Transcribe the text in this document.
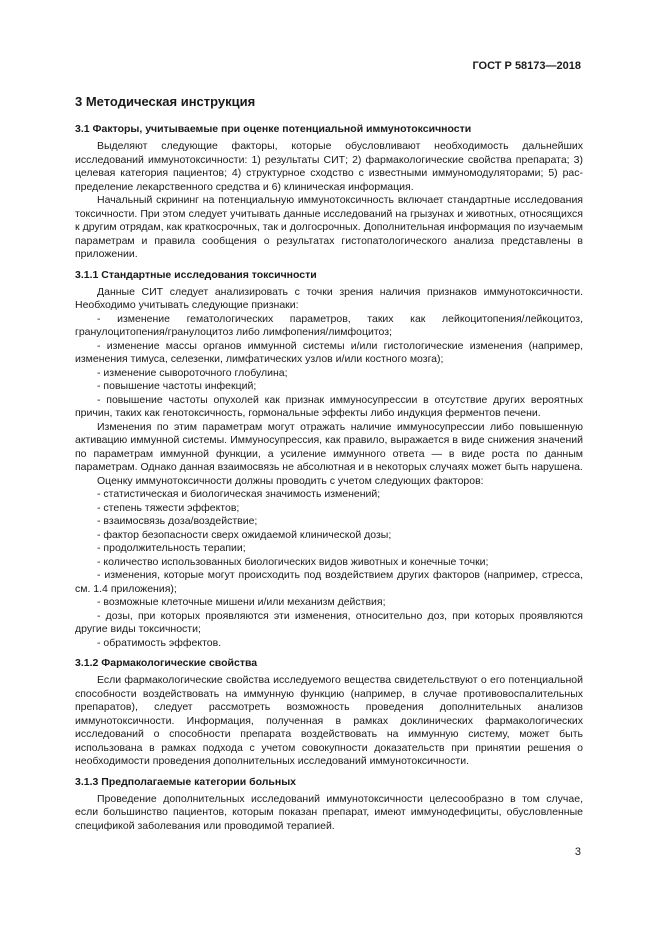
ГОСТ Р 58173—2018
3 Методическая инструкция
3.1 Факторы, учитываемые при оценке потенциальной иммунотоксичности

Выделяют следующие факторы, которые обусловливают необходимость дальнейших исследований иммунотоксичности: 1) результаты СИТ; 2) фармакологические свойства препарата; 3) целевая категория пациентов; 4) структурное сходство с известными иммуномодуляторами; 5) рас-пределение лекарственного средства и 6) клиническая информация.

Начальный скрининг на потенциальную иммунотоксичность включает стандартные исследования токсичности. При этом следует учитывать данные исследований на грызунах и животных, относящихся к другим отрядам, как краткосрочных, так и долгосрочных. Дополнительная информация по изучаемым параметрам и правила сообщения о результатах гистопатологического анализа представлены в приложении.

3.1.1 Стандартные исследования токсичности

Данные СИТ следует анализировать с точки зрения наличия признаков иммунотоксичности. Необходимо учитывать следующие признаки:

- изменение гематологических параметров, таких как лейкоцитопения/лейкоцитоз, гранулоцитопения/гранулоцитоз либо лимфопения/лимфоцитоз;
- изменение массы органов иммунной системы и/или гистологические изменения (например, изменения тимуса, селезенки, лимфатических узлов и/или костного мозга);
- изменение сывороточного глобулина;
- повышение частоты инфекций;
- повышение частоты опухолей как признак иммуносупрессии в отсутствие других вероятных причин, таких как генотоксичность, гормональные эффекты либо индукция ферментов печени.

Изменения по этим параметрам могут отражать наличие иммуносупрессии либо повышенную активацию иммунной системы. Иммуносупрессия, как правило, выражается в виде снижения значений по параметрам иммунной функции, а усиление иммунного ответа — в виде роста по данным параметрам. Однако данная взаимосвязь не абсолютная и в некоторых случаях может быть нарушена.

Оценку иммунотоксичности должны проводить с учетом следующих факторов:

- статистическая и биологическая значимость изменений;
- степень тяжести эффектов;
- взаимосвязь доза/воздействие;
- фактор безопасности сверх ожидаемой клинической дозы;
- продолжительность терапии;
- количество использованных биологических видов животных и конечные точки;
- изменения, которые могут происходить под воздействием других факторов (например, стресса, см. 1.4 приложения);
- возможные клеточные мишени и/или механизм действия;
- дозы, при которых проявляются эти изменения, относительно доз, при которых проявляются другие виды токсичности;
- обратимость эффектов.
3.1.2 Фармакологические свойства

Если фармакологические свойства исследуемого вещества свидетельствуют о его потенциальной способности воздействовать на иммунную функцию (например, в случае противовоспалительных препаратов), следует рассмотреть возможность проведения дополнительных анализов иммунотоксичности. Информация, полученная в рамках доклинических фармакологических исследований о способности препарата воздействовать на иммунную систему, может быть использована в рамках подхода с учетом совокупности доказательств при принятии решения о необходимости проведения дополнительных исследований иммунотоксичности.

3.1.3 Предполагаемые категории больных

Проведение дополнительных исследований иммунотоксичности целесообразно в том случае, если большинство пациентов, которым показан препарат, имеют иммунодефициты, обусловленные спецификой заболевания или проводимой терапией.

3
